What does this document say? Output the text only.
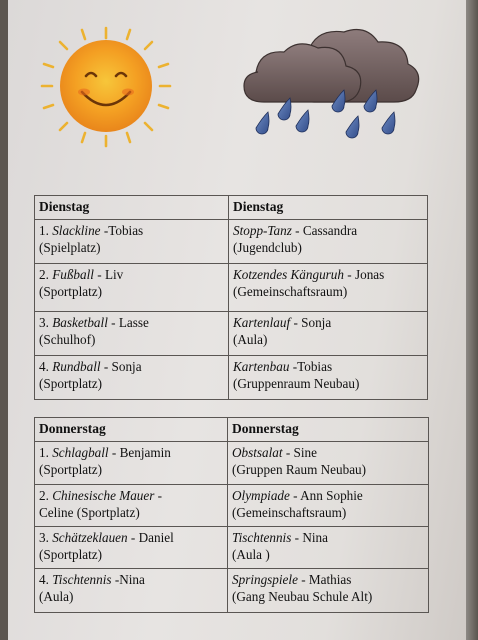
Dienstag	Dienstag

1. Slackline -Tobias
(Spielplatz)	Stopp-Tanz - Cassandra
(Jugendclub)

2. Fußball - Liv
(Sportplatz)	Kotzendes Känguruh - Jonas
(Gemeinschaftsraum)

3. Basketball - Lasse
(Schulhof)	Kartenlauf - Sonja
(Aula)

4. Rundball - Sonja
(Sportplatz)	Kartenbau -Tobias
(Gruppenraum Neubau)
Donnerstag	Donnerstag

1. Schlagball - Benjamin
(Sportplatz)	Obstsalat - Sine
(Gruppen Raum Neubau)

2. Chinesische Mauer -
Celine (Sportplatz)	Olympiade - Ann Sophie
(Gemeinschaftsraum)

3. Schätzeklauen - Daniel
(Sportplatz)	Tischtennis - Nina
(Aula )

4. Tischtennis -Nina
(Aula)	Springspiele - Mathias
(Gang Neubau Schule Alt)
